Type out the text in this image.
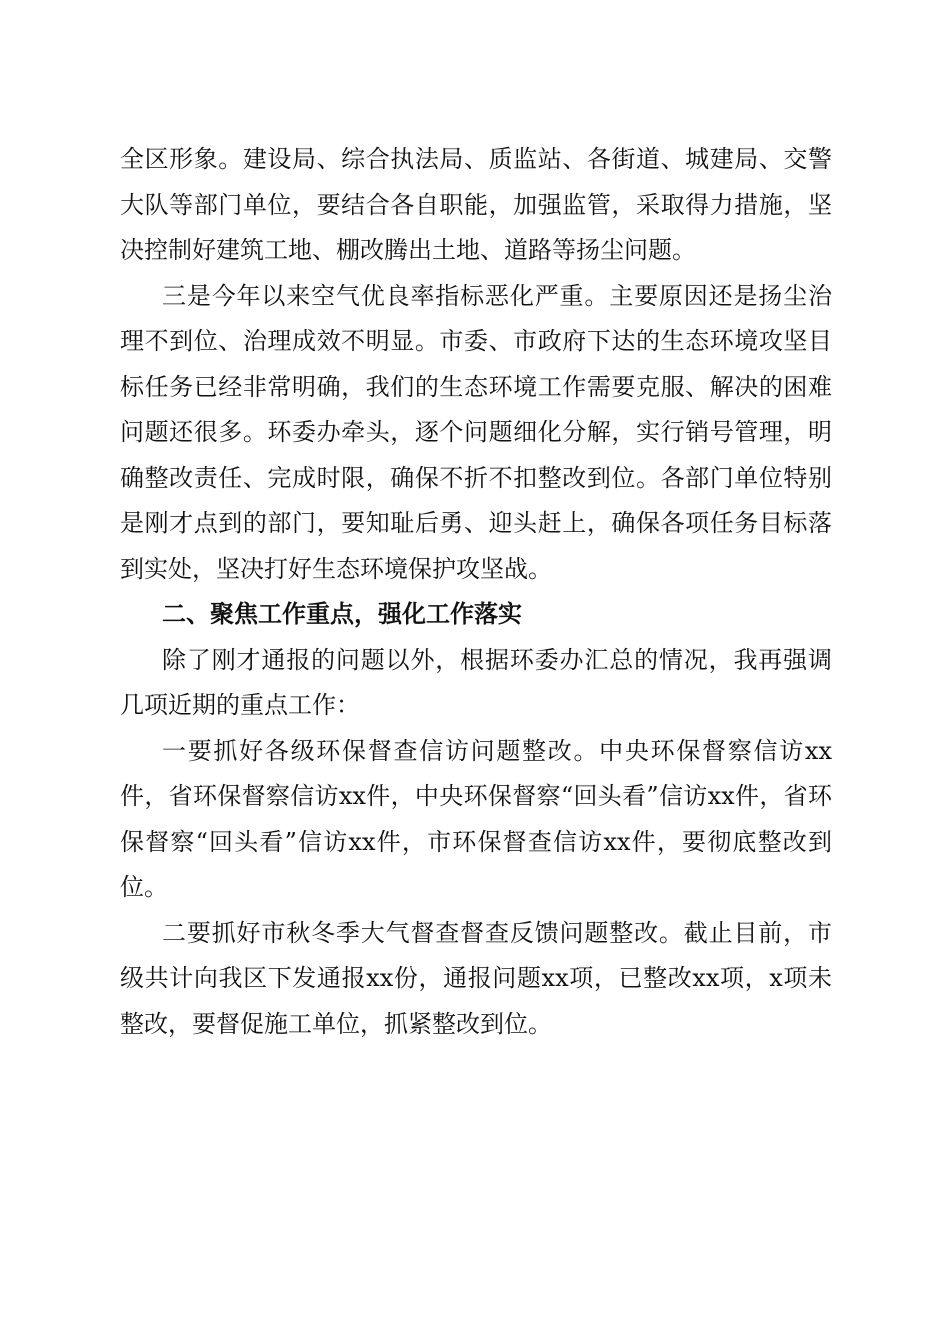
全区形象。建设局、综合执法局、质监站、各街道、城建局、交警大队等部门单位，要结合各自职能，加强监管，采取得力措施，坚决控制好建筑工地、棚改腾出土地、道路等扬尘问题。

三是今年以来空气优良率指标恶化严重。主要原因还是扬尘治理不到位、治理成效不明显。市委、市政府下达的生态环境攻坚目标任务已经非常明确，我们的生态环境工作需要克服、解决的困难问题还很多。环委办牵头，逐个问题细化分解，实行销号管理，明确整改责任、完成时限，确保不折不扣整改到位。各部门单位特别是刚才点到的部门，要知耻后勇、迎头赶上，确保各项任务目标落到实处，坚决打好生态环境保护攻坚战。

二、聚焦工作重点，强化工作落实

除了刚才通报的问题以外，根据环委办汇总的情况，我再强调几项近期的重点工作：

一要抓好各级环保督查信访问题整改。中央环保督察信访xx件，省环保督察信访xx件，中央环保督察“回头看”信访xx件，省环保督察“回头看”信访xx件，市环保督查信访xx件，要彻底整改到位。

二要抓好市秋冬季大气督查督查反馈问题整改。截止目前，市级共计向我区下发通报xx份，通报问题xx项，已整改xx项，x项未整改，要督促施工单位，抓紧整改到位。
